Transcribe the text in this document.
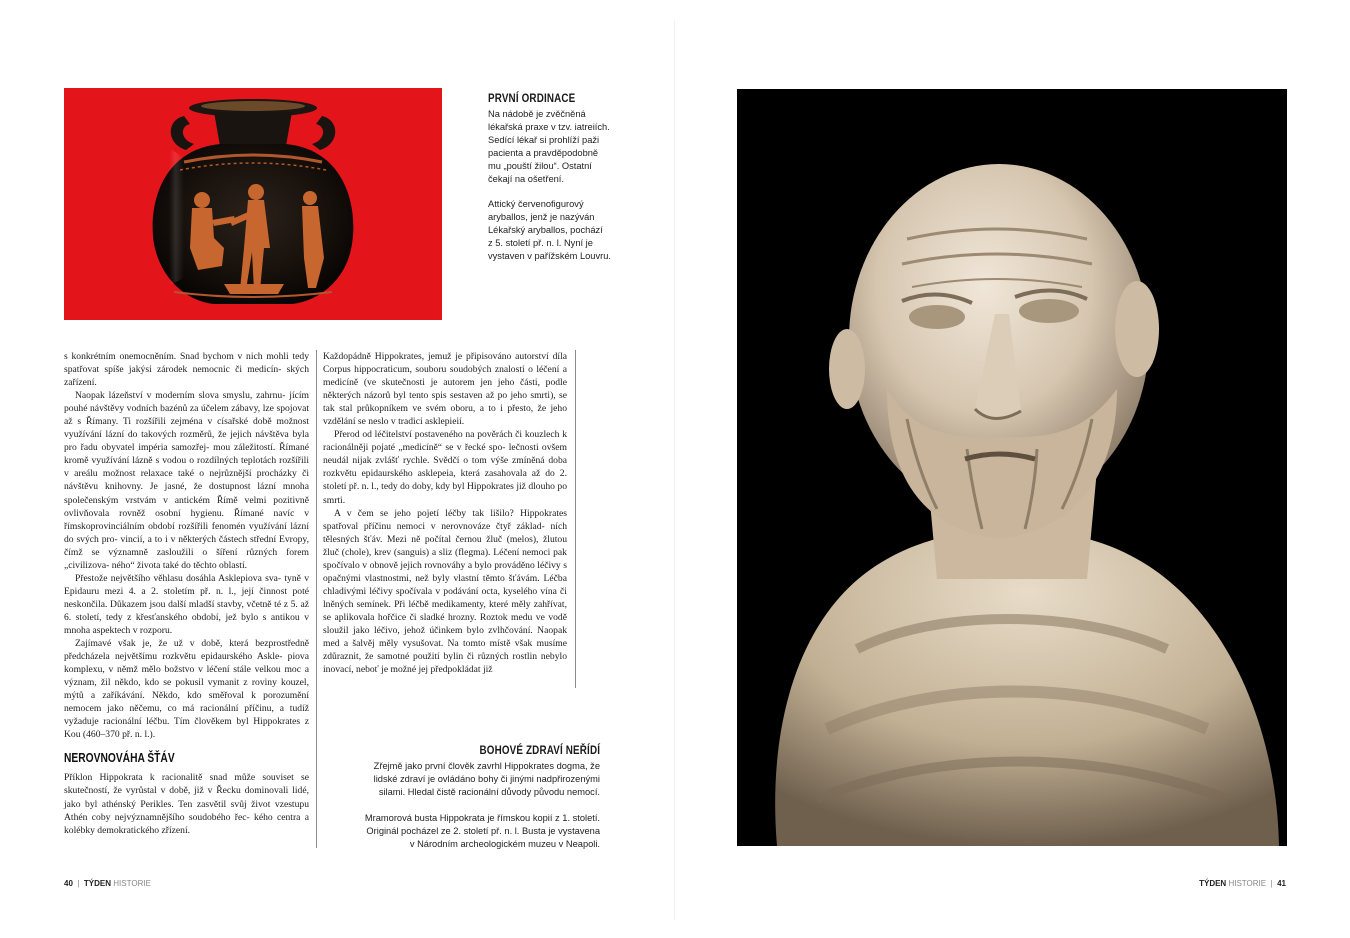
PRVNÍ ORDINACE

Na nádobě je zvěčněná
lékařská praxe v tzv. iatreiích.
Sedící lékař si prohlíží paži
pacienta a pravděpodobně
mu „pouští žilou“. Ostatní
čekají na ošetření.

Attický červenofigurový
aryballos, jenž je nazýván
Lékařský aryballos, pochází
z 5. století př. n. l. Nyní je
vystaven v pařížském Louvru.

s konkrétním onemocněním. Snad bychom v nich mohli tedy spatřovat spíše jakýsi zárodek nemocnic či medicín- ských zařízení.

Naopak lázeňství v moderním slova smyslu, zahrnu- jícím pouhé návštěvy vodních bazénů za účelem zábavy, lze spojovat až s Římany. Ti rozšířili zejména v císařské době možnost využívání lázní do takových rozměrů, že jejich návštěva byla pro řadu obyvatel impéria samozřej- mou záležitostí. Římané kromě využívání lázně s vodou o rozdílných teplotách rozšířili v areálu možnost relaxace také o nejrůznější procházky či návštěvu knihovny. Je jasné, že dostupnost lázní mnoha společenským vrstvám v antickém Římě velmi pozitivně ovlivňovala rovněž osobní hygienu. Římané navíc v římskoprovinciálním období rozšířili fenomén využívání lázní do svých pro- vincií, a to i v některých částech střední Evropy, čímž se významně zasloužili o šíření různých forem „civilizova- ného“ života také do těchto oblastí.

Přestože největšího věhlasu dosáhla Asklepiova sva- tyně v Epidauru mezi 4. a 2. stoletím př. n. l., její činnost poté neskončila. Důkazem jsou další mladší stavby, včetně té z 5. až 6. století, tedy z křesťanského období, jež bylo s antikou v mnoha aspektech v rozporu.

Zajímavé však je, že už v době, která bezprostředně předcházela největšímu rozkvětu epidaurského Askle- piova komplexu, v němž mělo božstvo v léčení stále velkou moc a význam, žil někdo, kdo se pokusil vymanit z roviny kouzel, mýtů a zaříkávání. Někdo, kdo směřoval k porozumění nemocem jako něčemu, co má racionální příčinu, a tudíž vyžaduje racionální léčbu. Tím člověkem byl Hippokrates z Kou (460–370 př. n. l.).

NEROVNOVÁHA ŠŤÁV

Příklon Hippokrata k racionalitě snad může souviset se skutečností, že vyrůstal v době, již v Řecku dominovali lidé, jako byl athénský Perikles. Ten zasvětil svůj život vzestupu Athén coby nejvýznamnějšího soudobého řec- kého centra a kolébky demokratického zřízení.

Každopádně Hippokrates, jemuž je připisováno autorství díla Corpus hippocraticum, souboru soudobých znalostí o léčení a medicíně (ve skutečnosti je autorem jen jeho části, podle některých názorů byl tento spis sestaven až po jeho smrti), se tak stal průkopníkem ve svém oboru, a to i přesto, že jeho vzdělání se neslo v tradici asklepieií.

Přerod od léčitelství postaveného na pověrách či kouzlech k racionálněji pojaté „medicíně“ se v řecké spo- lečnosti ovšem neudál nijak zvlášť rychle. Svědčí o tom výše zmíněná doba rozkvětu epidaurského asklepeia, která zasahovala až do 2. století př. n. l., tedy do doby, kdy byl Hippokrates již dlouho po smrti.

A v čem se jeho pojetí léčby tak lišilo? Hippokrates spatřoval příčinu nemoci v nerovnováze čtyř základ- ních tělesných šťáv. Mezi ně počítal černou žluč (melos), žlutou žluč (chole), krev (sanguis) a sliz (flegma). Léčení nemoci pak spočívalo v obnově jejich rovnováhy a bylo prováděno léčivy s opačnými vlastnostmi, než byly vlastní těmto šťávám. Léčba chladivými léčivy spočívala v podávání octa, kyselého vína či lněných semínek. Při léčbě medikamenty, které měly zahřívat, se aplikovala hořčice či sladké hrozny. Roztok medu ve vodě sloužil jako léčivo, jehož účinkem bylo zvlhčování. Naopak med a šalvěj měly vysušovat. Na tomto místě však musíme zdůraznit, že samotné použití bylin či různých rostlin nebylo inovací, neboť je možné jej předpokládat již

BOHOVÉ ZDRAVÍ NEŘÍDÍ

Zřejmě jako první člověk zavrhl Hippokrates dogma, že
lidské zdraví je ovládáno bohy či jinými nadpřirozenými
silami. Hledal čistě racionální důvody původu nemocí.

Mramorová busta Hippokrata je římskou kopií z 1. století.
Originál pocházel ze 2. století př. n. l. Busta je vystavena
v Národním archeologickém muzeu v Neapoli.

40  |  TÝDEN HISTORIE	TÝDEN HISTORIE  |  41
